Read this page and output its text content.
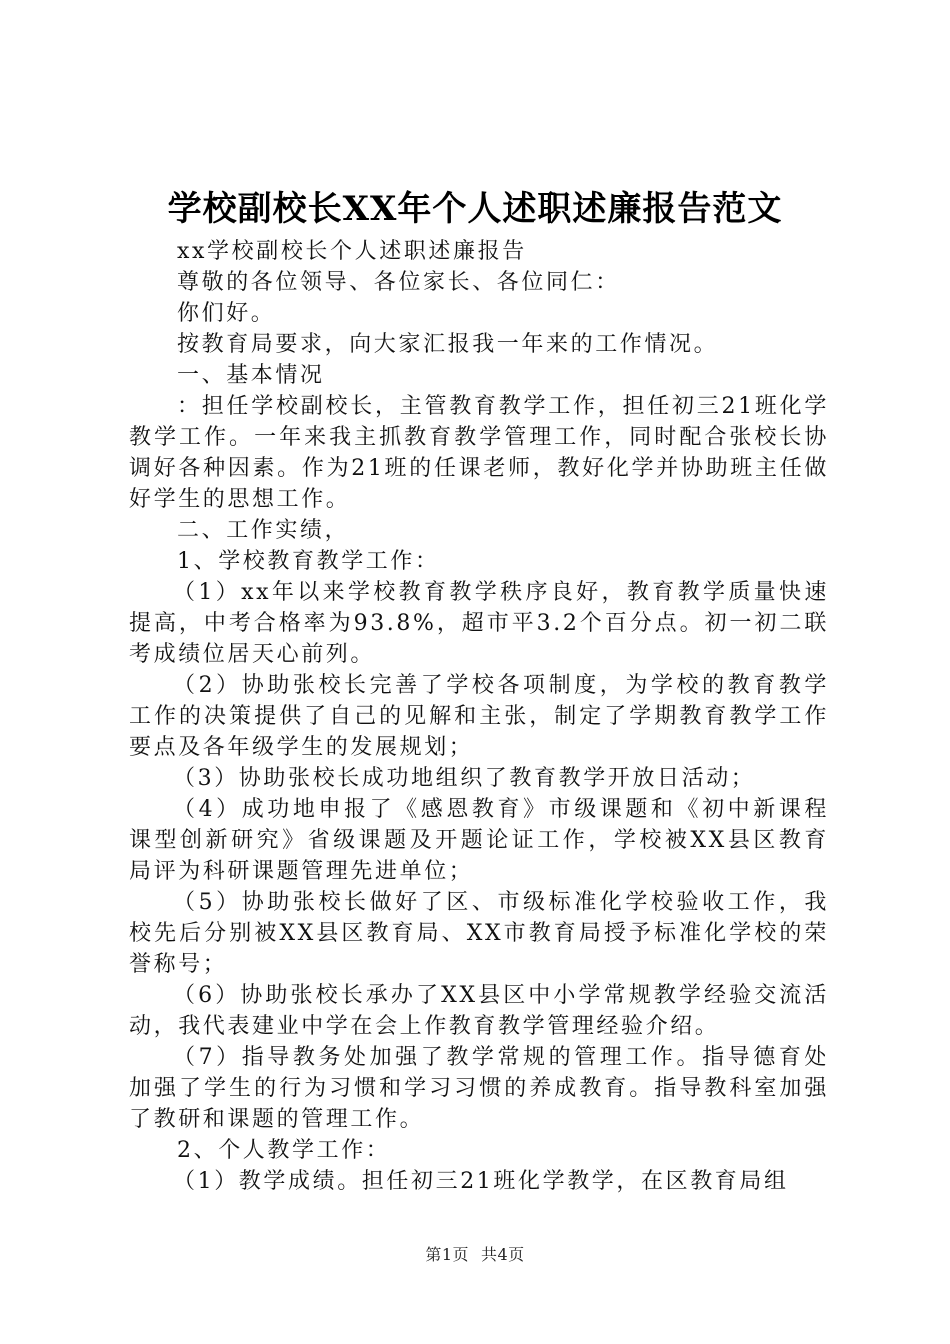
学校副校长XX年个人述职述廉报告范文

xx学校副校长个人述职述廉报告

尊敬的各位领导、各位家长、各位同仁：

你们好。

按教育局要求，向大家汇报我一年来的工作情况。

一、基本情况

：担任学校副校长，主管教育教学工作，担任初三21班化学教学工作。一年来我主抓教育教学管理工作，同时配合张校长协调好各种因素。作为21班的任课老师，教好化学并协助班主任做好学生的思想工作。

二、工作实绩，

1、学校教育教学工作：

（1）xx年以来学校教育教学秩序良好，教育教学质量快速提高，中考合格率为93.8%，超市平3.2个百分点。初一初二联考成绩位居天心前列。

（2）协助张校长完善了学校各项制度，为学校的教育教学工作的决策提供了自己的见解和主张，制定了学期教育教学工作要点及各年级学生的发展规划；

（3）协助张校长成功地组织了教育教学开放日活动；

（4）成功地申报了《感恩教育》市级课题和《初中新课程课型创新研究》省级课题及开题论证工作，学校被XX县区教育局评为科研课题管理先进单位；

（5）协助张校长做好了区、市级标准化学校验收工作，我校先后分别被XX县区教育局、XX市教育局授予标准化学校的荣誉称号；

（6）协助张校长承办了XX县区中小学常规教学经验交流活动，我代表建业中学在会上作教育教学管理经验介绍。

（7）指导教务处加强了教学常规的管理工作。指导德育处加强了学生的行为习惯和学习习惯的养成教育。指导教科室加强了教研和课题的管理工作。

2、个人教学工作：

（1）教学成绩。担任初三21班化学教学，在区教育局组

第1页 共4页
